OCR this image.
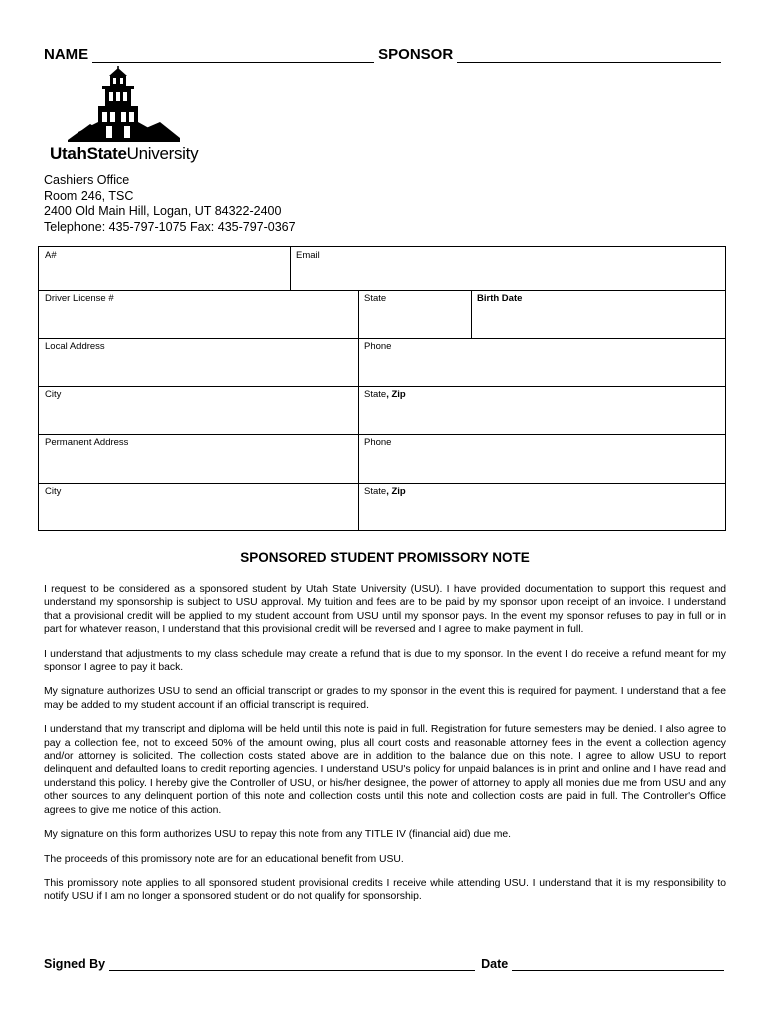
NAME	SPONSOR
UtahStateUniversity
Cashiers Office
Room 246, TSC
2400 Old Main Hill, Logan, UT 84322-2400
Telephone: 435-797-1075 Fax: 435-797-0367
A#	Email
Driver License #	State	Birth Date
Local Address	Phone
City	State, Zip
Permanent Address	Phone
City	State, Zip
SPONSORED STUDENT PROMISSORY NOTE

I request to be considered as a sponsored student by Utah State University (USU). I have provided documentation to support this request and understand my sponsorship is subject to USU approval. My tuition and fees are to be paid by my sponsor upon receipt of an invoice. I understand that a provisional credit will be applied to my student account from USU until my sponsor pays. In the event my sponsor refuses to pay in full or in part for whatever reason, I understand that this provisional credit will be reversed and I agree to make payment in full.

I understand that adjustments to my class schedule may create a refund that is due to my sponsor. In the event I do receive a refund meant for my sponsor I agree to pay it back.

My signature authorizes USU to send an official transcript or grades to my sponsor in the event this is required for payment. I understand that a fee may be added to my student account if an official transcript is required.

I understand that my transcript and diploma will be held until this note is paid in full. Registration for future semesters may be denied. I also agree to pay a collection fee, not to exceed 50% of the amount owing, plus all court costs and reasonable attorney fees in the event a collection agency and/or attorney is solicited. The collection costs stated above are in addition to the balance due on this note. I agree to allow USU to report delinquent and defaulted loans to credit reporting agencies. I understand USU's policy for unpaid balances is in print and online and I have read and understand this policy. I hereby give the Controller of USU, or his/her designee, the power of attorney to apply all monies due me from USU and any other sources to any delinquent portion of this note and collection costs until this note and collection costs are paid in full. The Controller's Office agrees to give me notice of this action.

My signature on this form authorizes USU to repay this note from any TITLE IV (financial aid) due me.

The proceeds of this promissory note are for an educational benefit from USU.

This promissory note applies to all sponsored student provisional credits I receive while attending USU. I understand that it is my responsibility to notify USU if I am no longer a sponsored student or do not qualify for sponsorship.

Signed By	Date
